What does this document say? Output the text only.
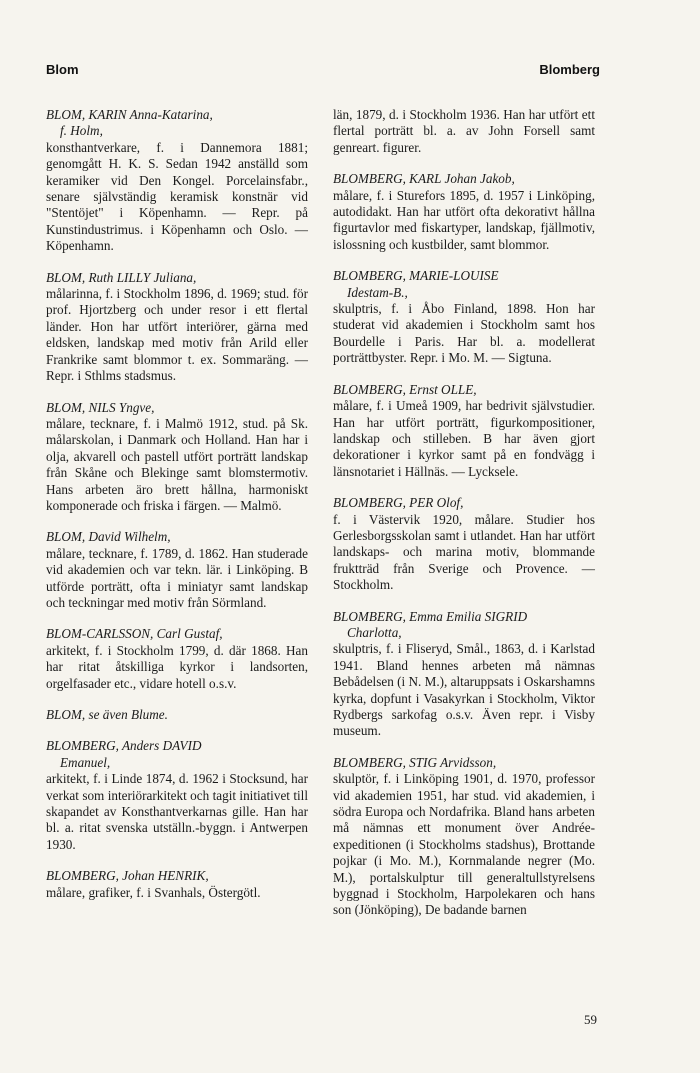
Blom	Blomberg

BLOM, KARIN Anna-Katarina,

f. Holm,

konsthantverkare, f. i Dannemora 1881; genomgått H. K. S. Sedan 1942 anställd som keramiker vid Den Kongel. Porcelainsfabr., senare självständig keramisk konstnär vid "Stentöjet" i Köpenhamn. — Repr. på Kunstindustrimus. i Köpenhamn och Oslo. — Köpenhamn.

BLOM, Ruth LILLY Juliana,

målarinna, f. i Stockholm 1896, d. 1969; stud. för prof. Hjortzberg och under resor i ett flertal länder. Hon har utfört interiörer, gärna med eldsken, landskap med motiv från Arild eller Frankrike samt blommor t. ex. Sommaräng. — Repr. i Sthlms stadsmus.

BLOM, NILS Yngve,

målare, tecknare, f. i Malmö 1912, stud. på Sk. målarskolan, i Danmark och Holland. Han har i olja, akvarell och pastell utfört porträtt landskap från Skåne och Blekinge samt blomstermotiv. Hans arbeten äro brett hållna, harmoniskt komponerade och friska i färgen. — Malmö.

BLOM, David Wilhelm,

målare, tecknare, f. 1789, d. 1862. Han studerade vid akademien och var tekn. lär. i Linköping. B utförde porträtt, ofta i miniatyr samt landskap och teckningar med motiv från Sörmland.

BLOM-CARLSSON, Carl Gustaf,

arkitekt, f. i Stockholm 1799, d. där 1868. Han har ritat åtskilliga kyrkor i landsorten, orgelfasader etc., vidare hotell o.s.v.

BLOM, se även Blume.

BLOMBERG, Anders DAVID

Emanuel,

arkitekt, f. i Linde 1874, d. 1962 i Stocksund, har verkat som interiörarkitekt och tagit initiativet till skapandet av Konsthantverkarnas gille. Han har bl. a. ritat svenska utställn.-byggn. i Antwerpen 1930.

BLOMBERG, Johan HENRIK,

målare, grafiker, f. i Svanhals, Östergötl.

län, 1879, d. i Stockholm 1936. Han har utfört ett flertal porträtt bl. a. av John Forsell samt genreart. figurer.

BLOMBERG, KARL Johan Jakob,

målare, f. i Sturefors 1895, d. 1957 i Linköping, autodidakt. Han har utfört ofta dekorativt hållna figurtavlor med fiskartyper, landskap, fjällmotiv, islossning och kustbilder, samt blommor.

BLOMBERG, MARIE-LOUISE

Idestam-B.,

skulptris, f. i Åbo Finland, 1898. Hon har studerat vid akademien i Stockholm samt hos Bourdelle i Paris. Har bl. a. modellerat porträttbyster. Repr. i Mo. M. — Sigtuna.

BLOMBERG, Ernst OLLE,

målare, f. i Umeå 1909, har bedrivit självstudier. Han har utfört porträtt, figurkompositioner, landskap och stilleben. B har även gjort dekorationer i kyrkor samt på en fondvägg i länsnotariet i Hällnäs. — Lycksele.

BLOMBERG, PER Olof,

f. i Västervik 1920, målare. Studier hos Gerlesborgsskolan samt i utlandet. Han har utfört landskaps- och marina motiv, blommande fruktträd från Sverige och Provence. — Stockholm.

BLOMBERG, Emma Emilia SIGRID

Charlotta,

skulptris, f. i Fliseryd, Smål., 1863, d. i Karlstad 1941. Bland hennes arbeten må nämnas Bebådelsen (i N. M.), altaruppsats i Oskarshamns kyrka, dopfunt i Vasakyrkan i Stockholm, Viktor Rydbergs sarkofag o.s.v. Även repr. i Visby museum.

BLOMBERG, STIG Arvidsson,

skulptör, f. i Linköping 1901, d. 1970, professor vid akademien 1951, har stud. vid akademien, i södra Europa och Nordafrika. Bland hans arbeten må nämnas ett monument över Andrée-expeditionen (i Stockholms stadshus), Brottande pojkar (i Mo. M.), Kornmalande negrer (Mo. M.), portalskulptur till generaltullstyrelsens byggnad i Stockholm, Harpolekaren och hans son (Jönköping), De badande barnen

59
